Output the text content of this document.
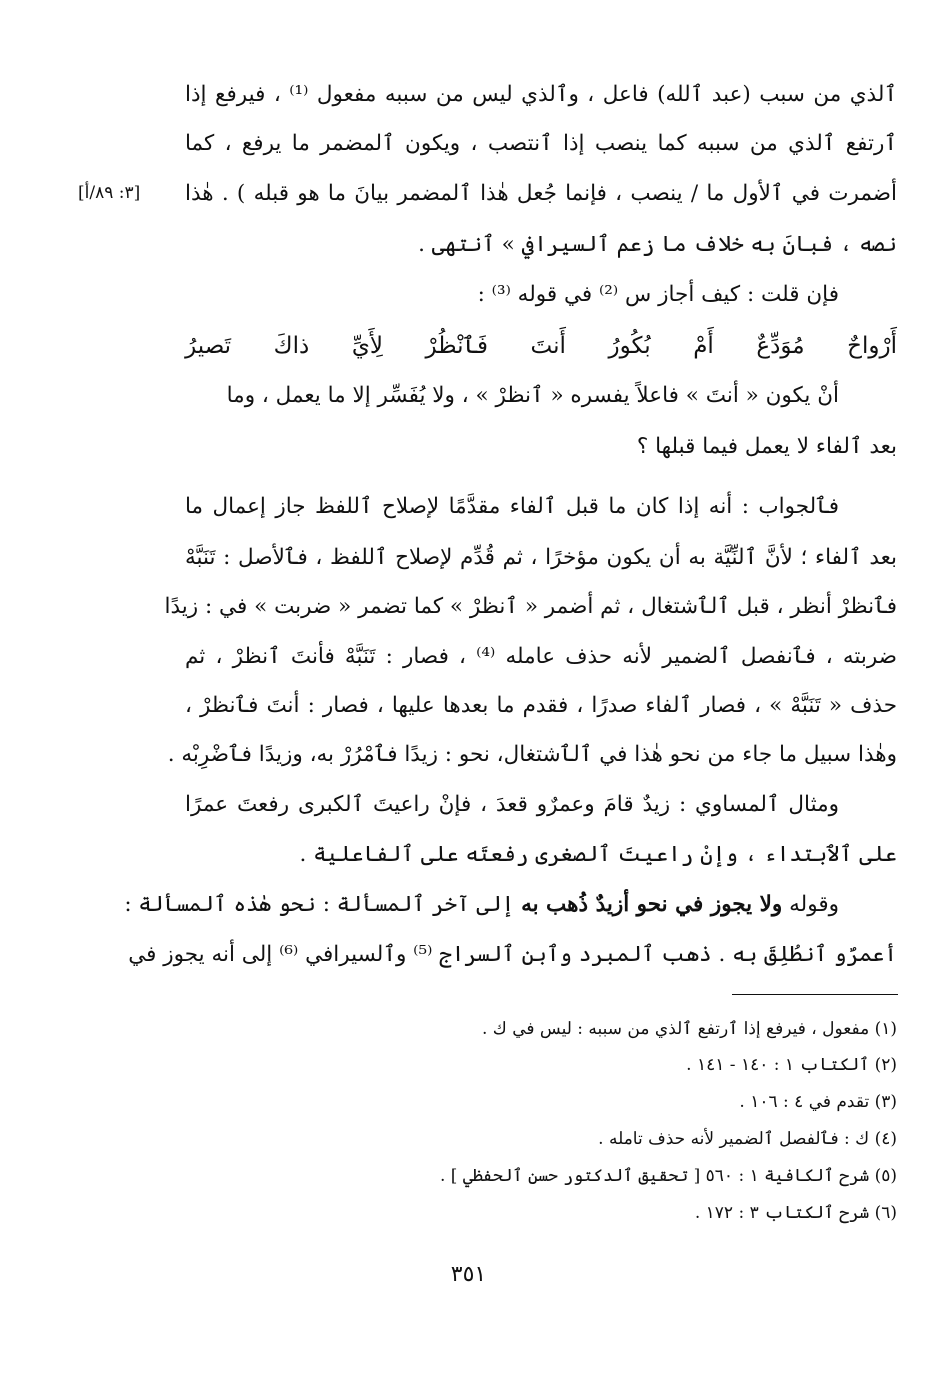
[٣: ٨٩/أ]
ٱلذي من سبب (عبد ٱلله) فاعل ، وٱلذي ليس من سببه مفعول ⁽¹⁾ ، فيرفع إذا
ٱرتفع ٱلذي من سببه كما ينصب إذا ٱنتصب ، ويكون ٱلمضمر ما يرفع ، كما
أضمرت في ٱلأول ما / ينصب ، فإنما جُعل هٰذا ٱلمضمر بيانَ ما هو قبله ) . هٰذا
نصه ، فبانَ به خلاف ما زعم ٱلسيرافي » ٱنتهى .
فإن قلت : كيف أجاز س ⁽²⁾ في قوله ⁽³⁾ :
أنْ يكون « أنتَ » فاعلاً يفسره « ٱنظرْ » ، ولا يُفَسِّر إلا ما يعمل ، وما
بعد ٱلفاء لا يعمل فيما قبلها ؟
فٱلجواب : أنه إذا كان ما قبل ٱلفاء مقدَّمًا لإصلاح ٱللفظ جاز إعمال ما
بعد ٱلفاء ؛ لأنَّ ٱلنِّيَّة به أن يكون مؤخرًا ، ثم قُدِّم لإصلاح ٱللفظ ، فٱلأصل : تَنَبَّهْ
فٱنظرْ أنظر ، قبل ٱلٱشتغال ، ثم أضمر « ٱنظرْ » كما تضمر « ضربت » في : زيدًا
ضربته ، فٱنفصل ٱلضمير لأنه حذف عامله ⁽⁴⁾ ، فصار : تَنَبَّهْ فأنتَ ٱنظرْ ، ثم
حذف « تَنَبَّهْ » ، فصار ٱلفاء صدرًا ، فقدم ما بعدها عليها ، فصار : أنتَ فٱنظرْ ،
وهٰذا سبيل ما جاء من نحو هٰذا في ٱلٱشتغال، نحو : زيدًا فٱمْرُرْ به، وزيدًا فٱضْرِبْه .
ومثال ٱلمساوي : زيدٌ قامَ وعمرٌو قعدَ ، فإنْ راعيتَ ٱلكبرى رفعتَ عمرًا
على ٱلٱبتداء ، وإنْ راعيتَ ٱلصغرى رفعتَه على ٱلفاعلية .
وقوله ولا يجوز في نحو أزيدٌ ذُهب به إلى آخر ٱلمسألة : نحو هٰذه ٱلمسألة :
أعمرٌو ٱنطُلِقَ به . ذهب ٱلمبرد وٱبن ٱلسراج ⁽⁵⁾ وٱلسيرافي ⁽⁶⁾ إلى أنه يجوز في
أَرْواحٌ
مُوَدِّعٌ
أَمْ
بُكُورُ
أَنتَ
فَٱنْظُرْ
لِأَيِّ
ذاكَ
تَصيرُ
(١) مفعول ، فيرفع إذا ٱرتفع ٱلذي من سببه : ليس في ك .
(٢) ٱلكتاب ١ : ١٤٠ - ١٤١ .
(٣) تقدم في ٤ : ١٠٦ .
(٤) ك : فٱلفصل ٱلضمير لأنه حذف تامله .
(٥) شرح ٱلكافية ١ : ٥٦٠ [ تحقيق ٱلدكتور حسن ٱلحفظي ] .
(٦) شرح ٱلكتاب ٣ : ١٧٢ .
٣٥١
